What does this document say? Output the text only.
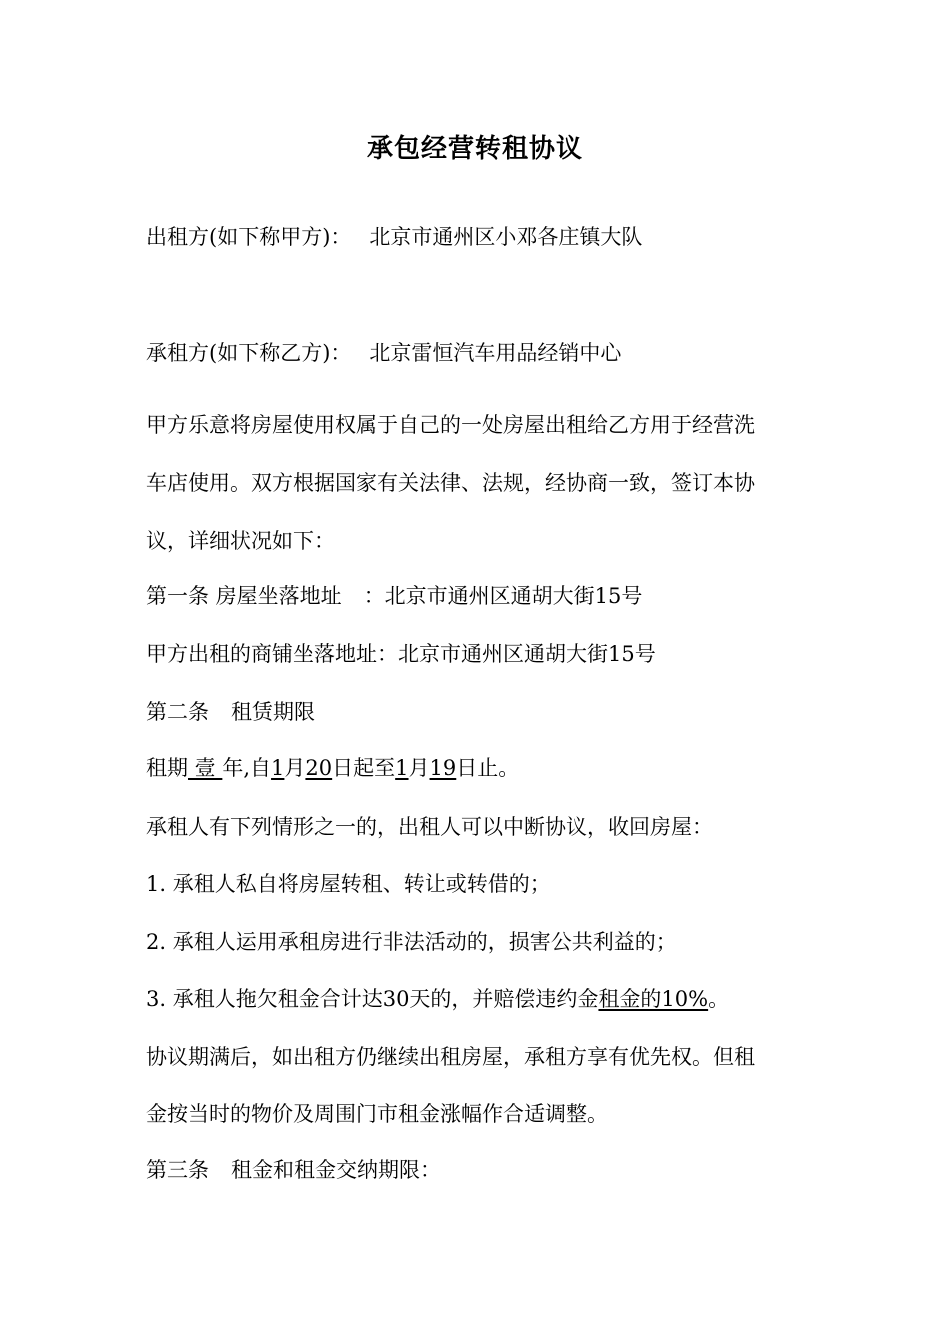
承包经营转租协议

出租方(如下称甲方)： 北京市通州区小邓各庄镇大队

承租方(如下称乙方)： 北京雷恒汽车用品经销中心

甲方乐意将房屋使用权属于自己的一处房屋出租给乙方用于经营洗

车店使用。双方根据国家有关法律、法规，经协商一致，签订本协

议，详细状况如下：

第一条 房屋坐落地址 ：北京市通州区通胡大街15号

甲方出租的商铺坐落地址：北京市通州区通胡大街15号

第二条 租赁期限

租期 壹 年,自1月20日起至1月19日止。

承租人有下列情形之一的，出租人可以中断协议，收回房屋：

1. 承租人私自将房屋转租、转让或转借的；

2. 承租人运用承租房进行非法活动的，损害公共利益的；

3. 承租人拖欠租金合计达30天的，并赔偿违约金租金的10%。

协议期满后，如出租方仍继续出租房屋，承租方享有优先权。但租

金按当时的物价及周围门市租金涨幅作合适调整。

第三条 租金和租金交纳期限：
